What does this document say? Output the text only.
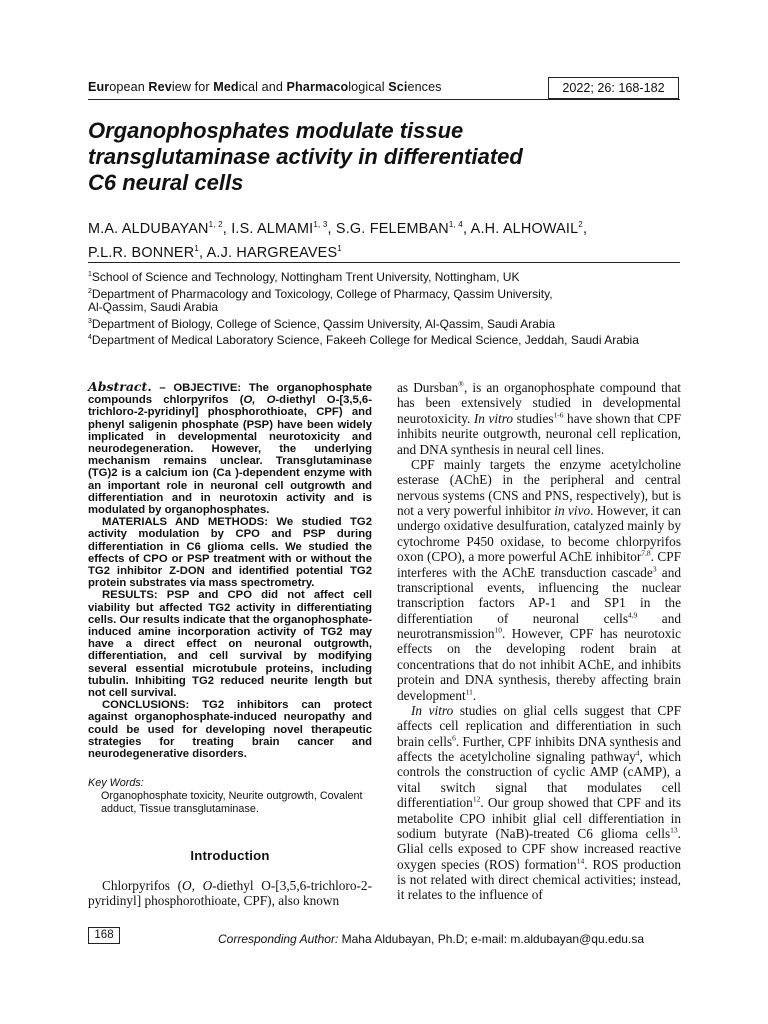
European Review for Medical and Pharmacological Sciences	2022; 26: 168-182
Organophosphates modulate tissue
transglutaminase activity in differentiated
C6 neural cells
M.A. ALDUBAYAN$^{1, 2}$, I.S. ALMAMI$^{1, 3}$, S.G. FELEMBAN$^{1, 4}$, A.H. ALHOWAIL$^2$,
P.L.R. BONNER$^1$, A.J. HARGREAVES$^1$
$^1$School of Science and Technology, Nottingham Trent University, Nottingham, UK
$^2$Department of Pharmacology and Toxicology, College of Pharmacy, Qassim University,
Al-Qassim, Saudi Arabia
$^3$Department of Biology, College of Science, Qassim University, Al-Qassim, Saudi Arabia
$^4$Department of Medical Laboratory Science, Fakeeh College for Medical Science, Jeddah, Saudi Arabia

Abstract. – OBJECTIVE: The organophosphate compounds chlorpyrifos (O, O-diethyl O-[3,5,6-trichloro-2-pyridinyl] phosphorothioate, CPF) and phenyl saligenin phosphate (PSP) have been widely implicated in developmental neurotoxicity and neurodegeneration. However, the underlying mechanism remains unclear. Transglutaminase (TG)2 is a calcium ion (Ca )-dependent enzyme with an important role in neuronal cell outgrowth and differentiation and in neurotoxin activity and is modulated by organophosphates.

MATERIALS AND METHODS: We studied TG2 activity modulation by CPO and PSP during differentiation in C6 glioma cells. We studied the effects of CPO or PSP treatment with or without the TG2 inhibitor Z-DON and identified potential TG2 protein substrates via mass spectrometry.

RESULTS: PSP and CPO did not affect cell viability but affected TG2 activity in differentiating cells. Our results indicate that the organophosphate-induced amine incorporation activity of TG2 may have a direct effect on neuronal outgrowth, differentiation, and cell survival by modifying several essential microtubule proteins, including tubulin. Inhibiting TG2 reduced neurite length but not cell survival.

CONCLUSIONS: TG2 inhibitors can protect against organophosphate-induced neuropathy and could be used for developing novel therapeutic strategies for treating brain cancer and neurodegenerative disorders.

Key Words:
Organophosphate toxicity, Neurite outgrowth, Covalent adduct, Tissue transglutaminase.
Introduction
Chlorpyrifos (O, O-diethyl O-[3,5,6-trichloro-2-pyridinyl] phosphorothioate, CPF), also known

as Dursban®, is an organophosphate compound that has been extensively studied in developmental neurotoxicity. In vitro studies$^{1-6}$ have shown that CPF inhibits neurite outgrowth, neuronal cell replication, and DNA synthesis in neural cell lines.

CPF mainly targets the enzyme acetylcholine esterase (AChE) in the peripheral and central nervous systems (CNS and PNS, respectively), but is not a very powerful inhibitor in vivo. However, it can undergo oxidative desulfuration, catalyzed mainly by cytochrome P450 oxidase, to become chlorpyrifos oxon (CPO), a more powerful AChE inhibitor$^{7,8}$. CPF interferes with the AChE transduction cascade$^3$ and transcriptional events, influencing the nuclear transcription factors AP-1 and SP1 in the differentiation of neuronal cells$^{4,9}$ and neurotransmission$^{10}$. However, CPF has neurotoxic effects on the developing rodent brain at concentrations that do not inhibit AChE, and inhibits protein and DNA synthesis, thereby affecting brain development$^{11}$.

In vitro studies on glial cells suggest that CPF affects cell replication and differentiation in such brain cells$^6$. Further, CPF inhibits DNA synthesis and affects the acetylcholine signaling pathway$^4$, which controls the construction of cyclic AMP (cAMP), a vital switch signal that modulates cell differentiation$^{12}$. Our group showed that CPF and its metabolite CPO inhibit glial cell differentiation in sodium butyrate (NaB)-treated C6 glioma cells$^{13}$. Glial cells exposed to CPF show increased reactive oxygen species (ROS) formation$^{14}$. ROS production is not related with direct chemical activities; instead, it relates to the influence of

168	Corresponding Author: Maha Aldubayan, Ph.D; e-mail: m.aldubayan@qu.edu.sa
